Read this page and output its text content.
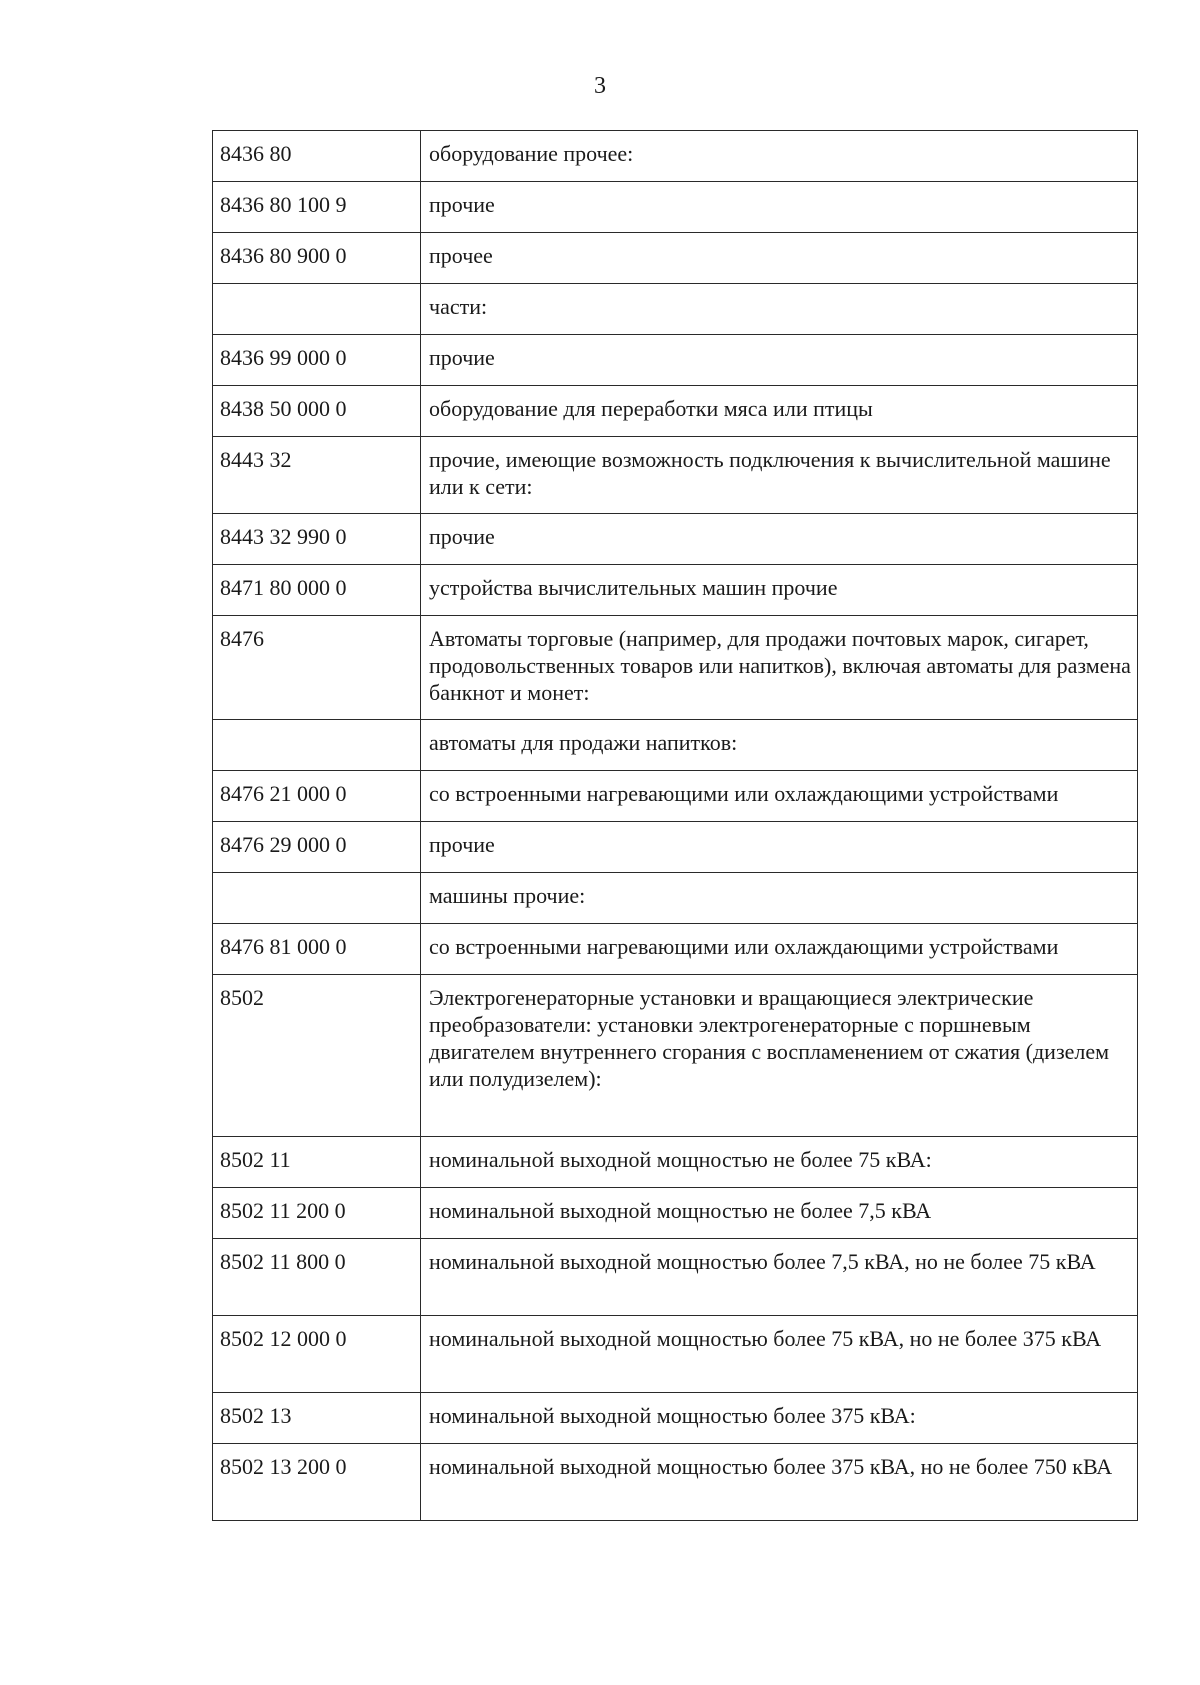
3
8436 80	оборудование прочее:
8436 80 100 9	прочие
8436 80 900 0	прочее
	части:
8436 99 000 0	прочие
8438 50 000 0	оборудование для переработки мяса или птицы
8443 32	прочие, имеющие возможность подключения к вычислительной машине или к сети:
8443 32 990 0	прочие
8471 80 000 0	устройства вычислительных машин прочие
8476	Автоматы торговые (например, для продажи почтовых марок, сигарет, продовольственных товаров или напитков), включая автоматы для размена банкнот и монет:
	автоматы для продажи напитков:
8476 21 000 0	со встроенными нагревающими или охлаждающими устройствами
8476 29 000 0	прочие
	машины прочие:
8476 81 000 0	со встроенными нагревающими или охлаждающими устройствами
8502	Электрогенераторные установки и вращающиеся электрические преобразователи: установки электрогенераторные с поршневым двигателем внутреннего сгорания с воспламенением от сжатия (дизелем или полудизелем):
8502 11	номинальной выходной мощностью не более 75 кВА:
8502 11 200 0	номинальной выходной мощностью не более 7,5 кВА
8502 11 800 0	номинальной выходной мощностью более 7,5 кВА, но не более 75 кВА
8502 12 000 0	номинальной выходной мощностью более 75 кВА, но не более 375 кВА
8502 13	номинальной выходной мощностью более 375 кВА:
8502 13 200 0	номинальной выходной мощностью более 375 кВА, но не более 750 кВА
